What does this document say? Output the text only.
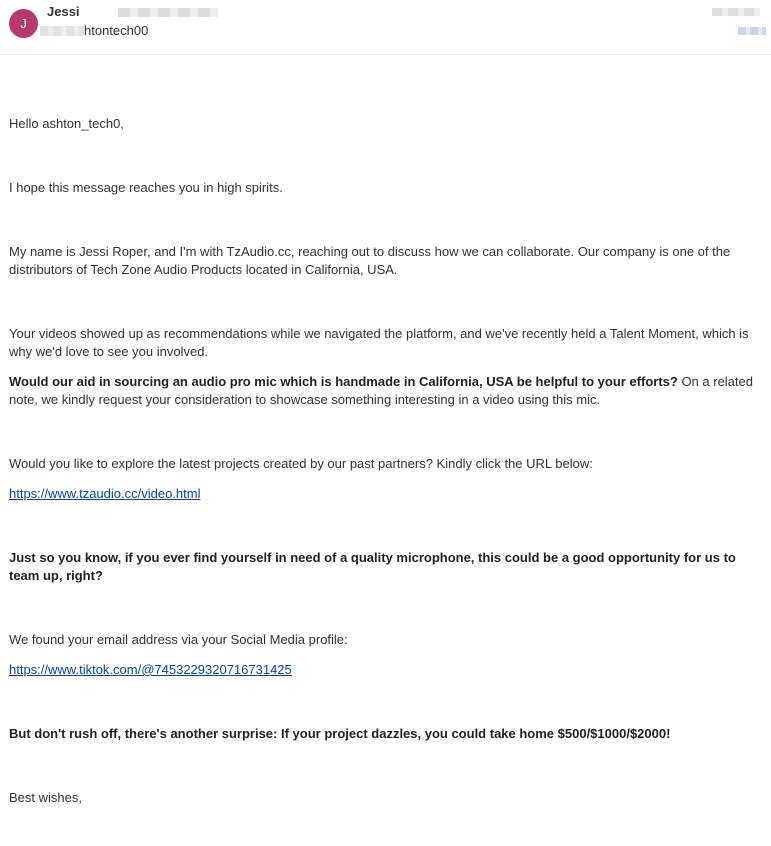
J
Jessi
htontech00

Hello ashton_tech0,

I hope this message reaches you in high spirits.

My name is Jessi Roper, and I'm with TzAudio.cc, reaching out to discuss how we can collaborate. Our company is one of the distributors of Tech Zone Audio Products located in California, USA.

Your videos showed up as recommendations while we navigated the platform, and we've recently held a Talent Moment, which is why we'd love to see you involved.

Would our aid in sourcing an audio pro mic which is handmade in California, USA be helpful to your efforts? On a related note, we kindly request your consideration to showcase something interesting in a video using this mic.

Would you like to explore the latest projects created by our past partners? Kindly click the URL below:

https://www.tzaudio.cc/video.html

Just so you know, if you ever find yourself in need of a quality microphone, this could be a good opportunity for us to team up, right?

We found your email address via your Social Media profile:

https://www.tiktok.com/@7453229320716731425

But don't rush off, there's another surprise: If your project dazzles, you could take home $500/$1000/$2000!

Best wishes,
